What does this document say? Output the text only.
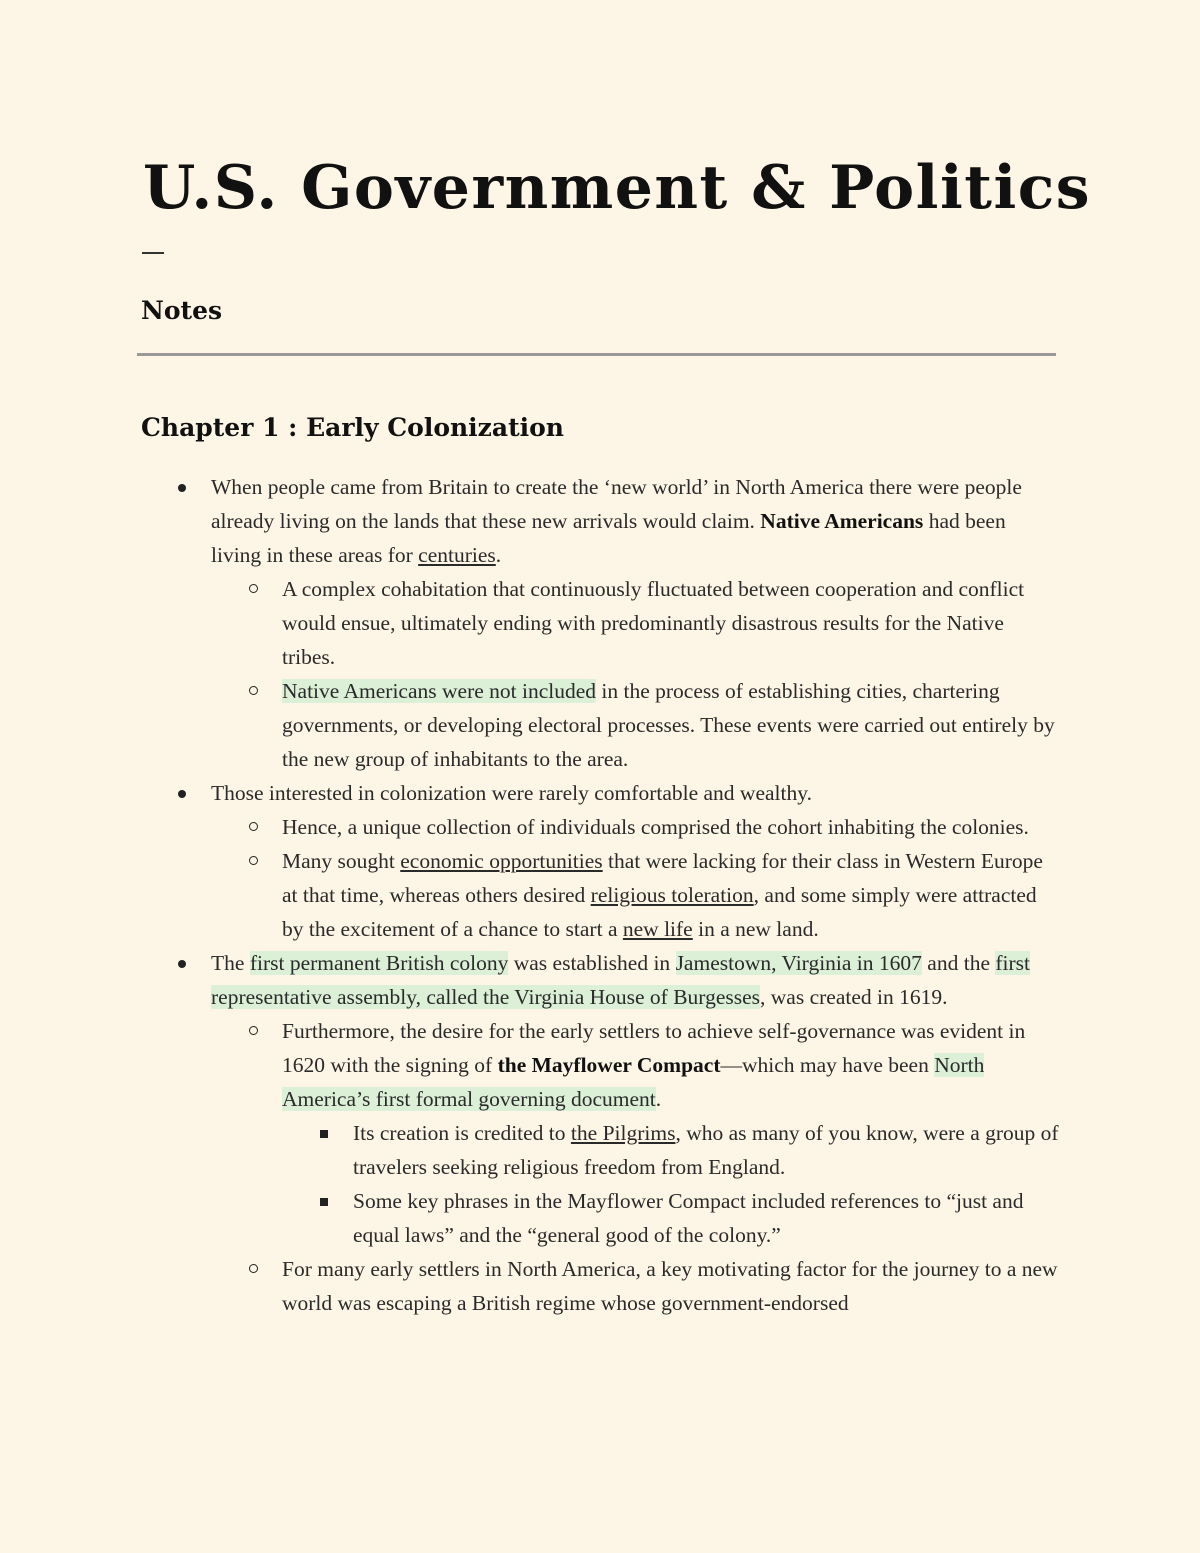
U.S. Government & Politics
Notes
Chapter 1 : Early Colonization
When people came from Britain to create the ‘new world’ in North America there were people already living on the lands that these new arrivals would claim. Native Americans had been living in these areas for centuries.
A complex cohabitation that continuously fluctuated between cooperation and conflict would ensue, ultimately ending with predominantly disastrous results for the Native tribes.
Native Americans were not included in the process of establishing cities, chartering governments, or developing electoral processes. These events were carried out entirely by the new group of inhabitants to the area.
Those interested in colonization were rarely comfortable and wealthy.
Hence, a unique collection of individuals comprised the cohort inhabiting the colonies.
Many sought economic opportunities that were lacking for their class in Western Europe at that time, whereas others desired religious toleration, and some simply were attracted by the excitement of a chance to start a new life in a new land.
The first permanent British colony was established in Jamestown, Virginia in 1607 and the first representative assembly, called the Virginia House of Burgesses, was created in 1619.
Furthermore, the desire for the early settlers to achieve self-governance was evident in 1620 with the signing of the Mayflower Compact—which may have been North America’s first formal governing document.
Its creation is credited to the Pilgrims, who as many of you know, were a group of travelers seeking religious freedom from England.
Some key phrases in the Mayflower Compact included references to “just and equal laws” and the “general good of the colony.”
For many early settlers in North America, a key motivating factor for the journey to a new world was escaping a British regime whose government-endorsed
